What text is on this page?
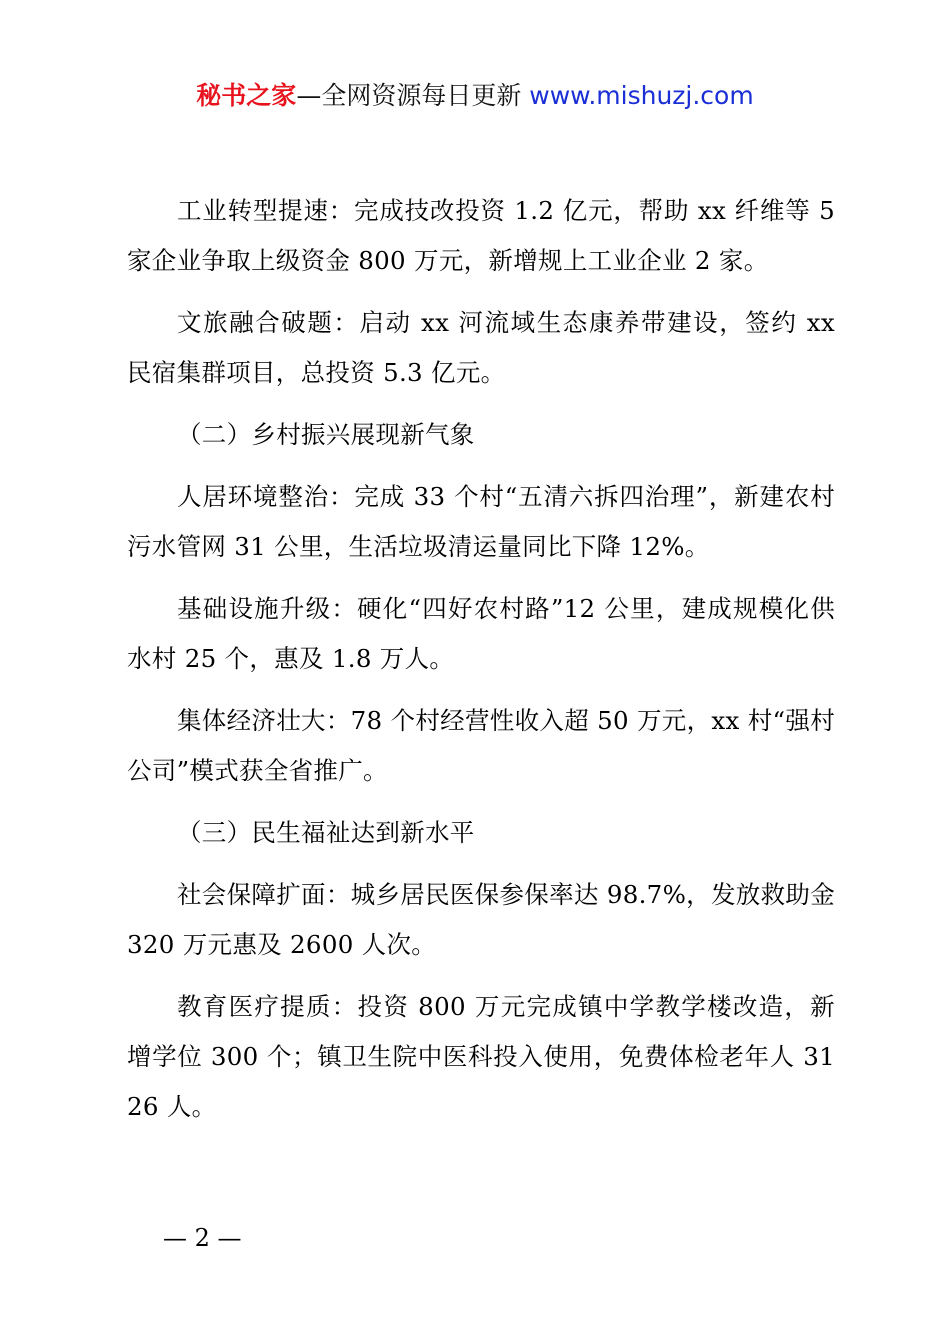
秘书之家—全网资源每日更新 www.mishuzj.com

工业转型提速：完成技改投资 1.2 亿元，帮助 xx 纤维等 5 家企业争取上级资金 800 万元，新增规上工业企业 2 家。

文旅融合破题：启动 xx 河流域生态康养带建设，签约 xx 民宿集群项目，总投资 5.3 亿元。

（二）乡村振兴展现新气象

人居环境整治：完成 33 个村“五清六拆四治理”，新建农村污水管网 31 公里，生活垃圾清运量同比下降 12%。

基础设施升级：硬化“四好农村路”12 公里，建成规模化供水村 25 个，惠及 1.8 万人。

集体经济壮大：78 个村经营性收入超 50 万元，xx 村“强村公司”模式获全省推广。

（三）民生福祉达到新水平

社会保障扩面：城乡居民医保参保率达 98.7%，发放救助金 320 万元惠及 2600 人次。

教育医疗提质：投资 800 万元完成镇中学教学楼改造，新增学位 300 个；镇卫生院中医科投入使用，免费体检老年人 3126 人。

— 2 —
